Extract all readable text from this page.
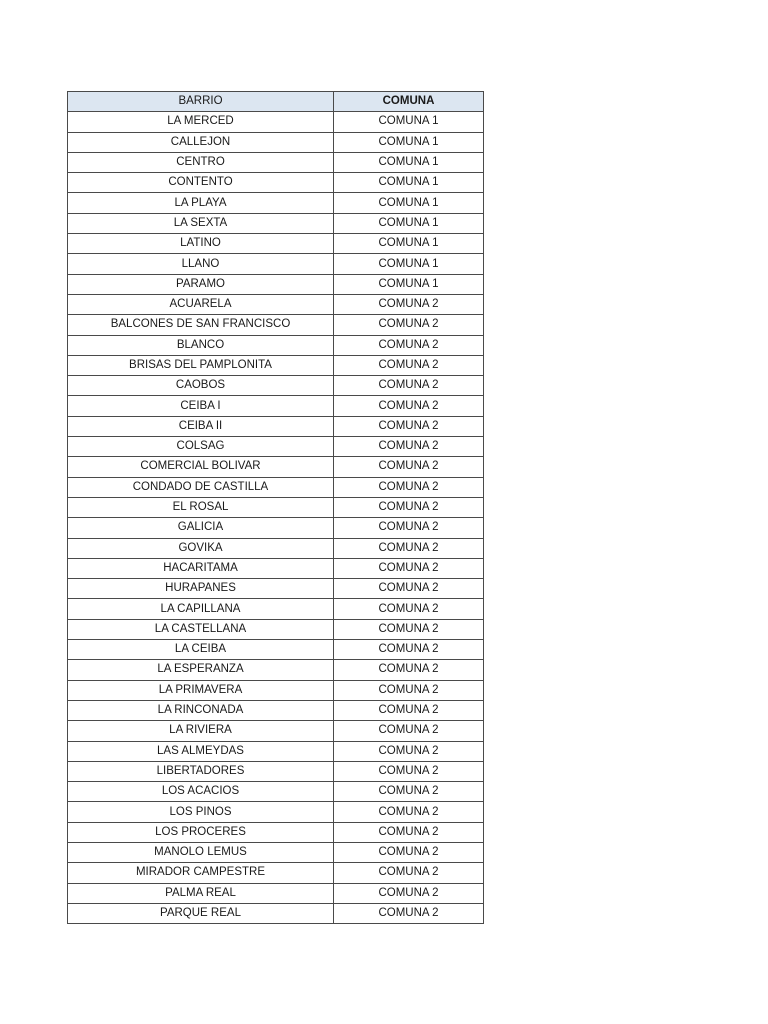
BARRIO	COMUNA
LA MERCED	COMUNA 1
CALLEJON	COMUNA 1
CENTRO	COMUNA 1
CONTENTO	COMUNA 1
LA PLAYA	COMUNA 1
LA SEXTA	COMUNA 1
LATINO	COMUNA 1
LLANO	COMUNA 1
PARAMO	COMUNA 1
ACUARELA	COMUNA 2
BALCONES DE SAN FRANCISCO	COMUNA 2
BLANCO	COMUNA 2
BRISAS DEL PAMPLONITA	COMUNA 2
CAOBOS	COMUNA 2
CEIBA I	COMUNA 2
CEIBA II	COMUNA 2
COLSAG	COMUNA 2
COMERCIAL BOLIVAR	COMUNA 2
CONDADO DE CASTILLA	COMUNA 2
EL ROSAL	COMUNA 2
GALICIA	COMUNA 2
GOVIKA	COMUNA 2
HACARITAMA	COMUNA 2
HURAPANES	COMUNA 2
LA CAPILLANA	COMUNA 2
LA CASTELLANA	COMUNA 2
LA CEIBA	COMUNA 2
LA ESPERANZA	COMUNA 2
LA PRIMAVERA	COMUNA 2
LA RINCONADA	COMUNA 2
LA RIVIERA	COMUNA 2
LAS ALMEYDAS	COMUNA 2
LIBERTADORES	COMUNA 2
LOS ACACIOS	COMUNA 2
LOS PINOS	COMUNA 2
LOS PROCERES	COMUNA 2
MANOLO LEMUS	COMUNA 2
MIRADOR CAMPESTRE	COMUNA 2
PALMA REAL	COMUNA 2
PARQUE REAL	COMUNA 2
